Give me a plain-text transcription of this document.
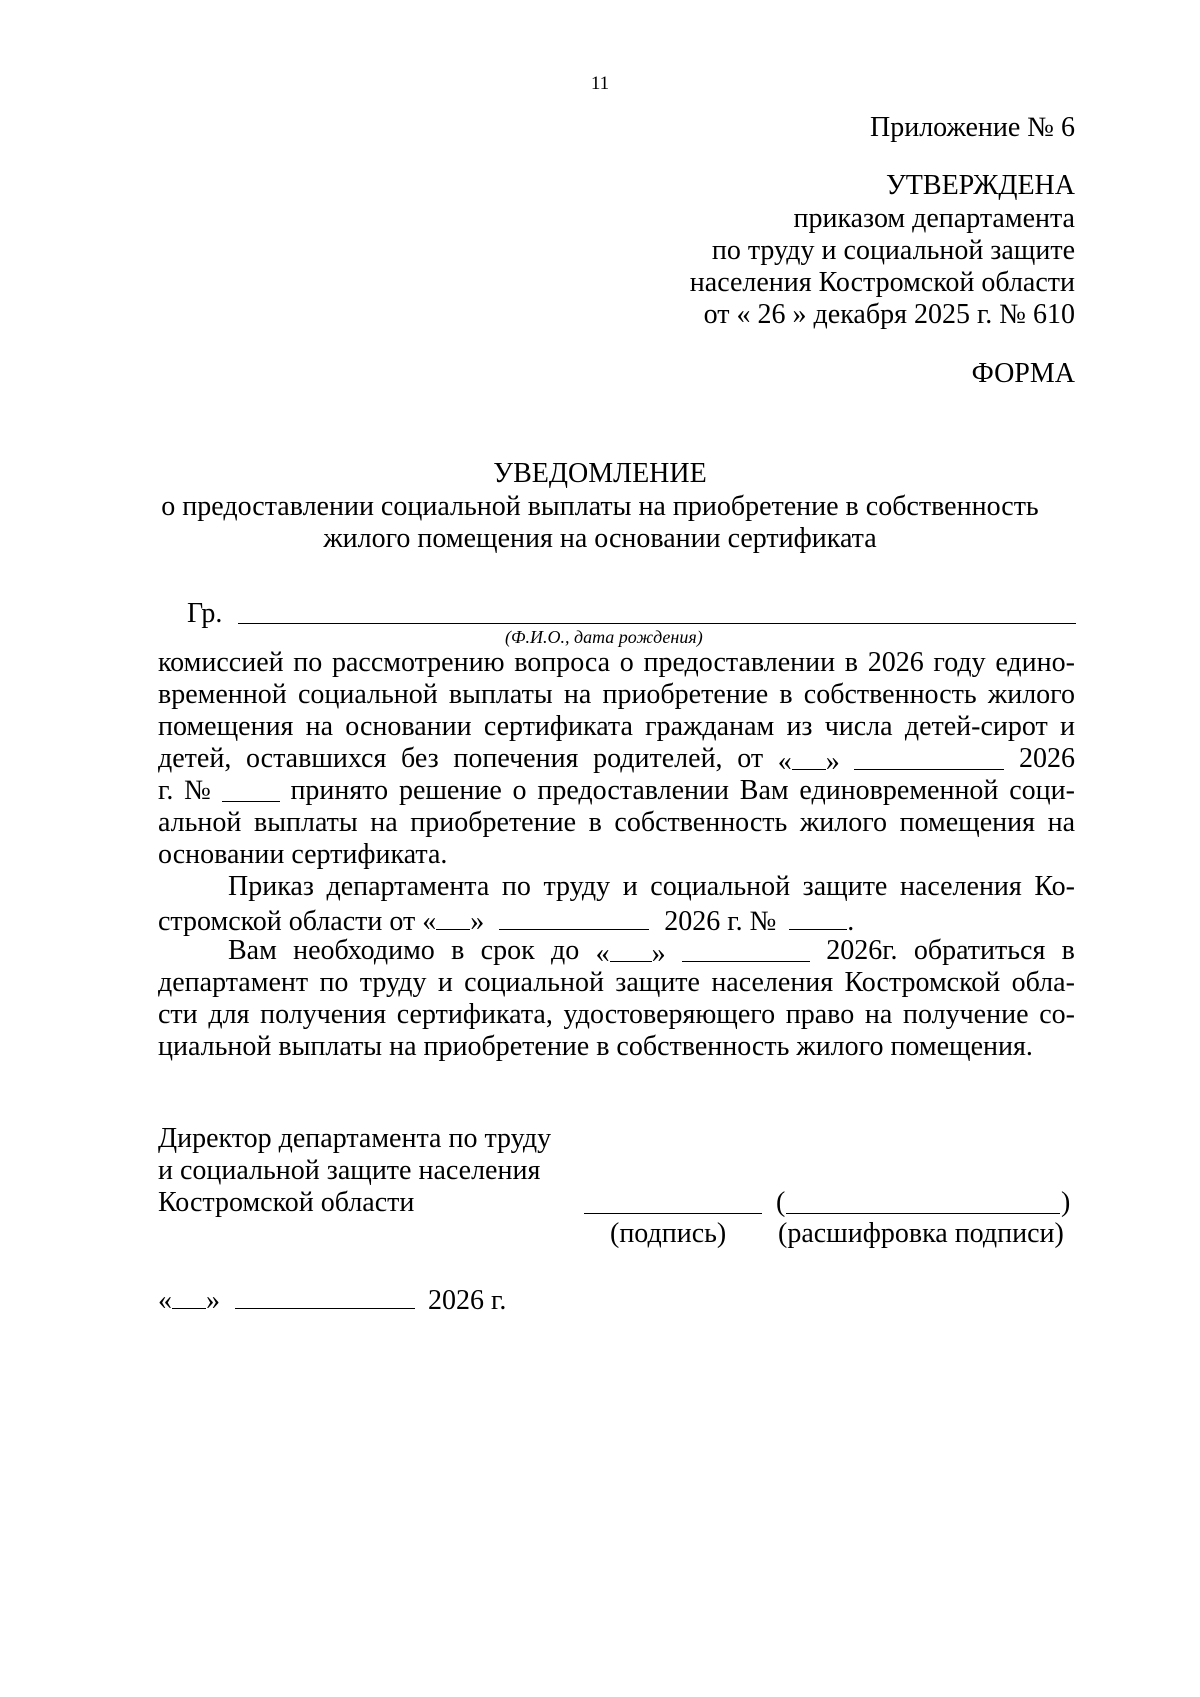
11
Приложение № 6
УТВЕРЖДЕНА
приказом департамента
по труду и социальной защите
населения Костромской области
от « 26 » декабря 2025 г. № 610
ФОРМА
УВЕДОМЛЕНИЕ
о предоставлении социальной выплаты на приобретение в собственность
жилого помещения на основании сертификата
Гр.
(Ф.И.О., дата рождения)
комиссией по рассмотрению вопроса о предоставлении в 2026 году едино-
временной социальной выплаты на приобретение в собственность жилого
помещения на основании сертификата гражданам из числа детей-сирот и
детей, оставшихся без попечения родителей, от « »	2026
г. №	принято решение о предоставлении Вам единовременной соци-
альной выплаты на приобретение в собственность жилого помещения на
основании сертификата.
Приказ департамента по труду и социальной защите населения Ко-
стромской области от « »	2026 г. №	.
Вам необходимо в срок до « »	2026г. обратиться в
департамент по труду и социальной защите населения Костромской обла-
сти для получения сертификата, удостоверяющего право на получение со-
циальной выплаты на приобретение в собственность жилого помещения.
Директор департамента по труду
и социальной защите населения
Костромской области	(	)
(подпись) (расшифровка подписи)
« »	2026 г.
